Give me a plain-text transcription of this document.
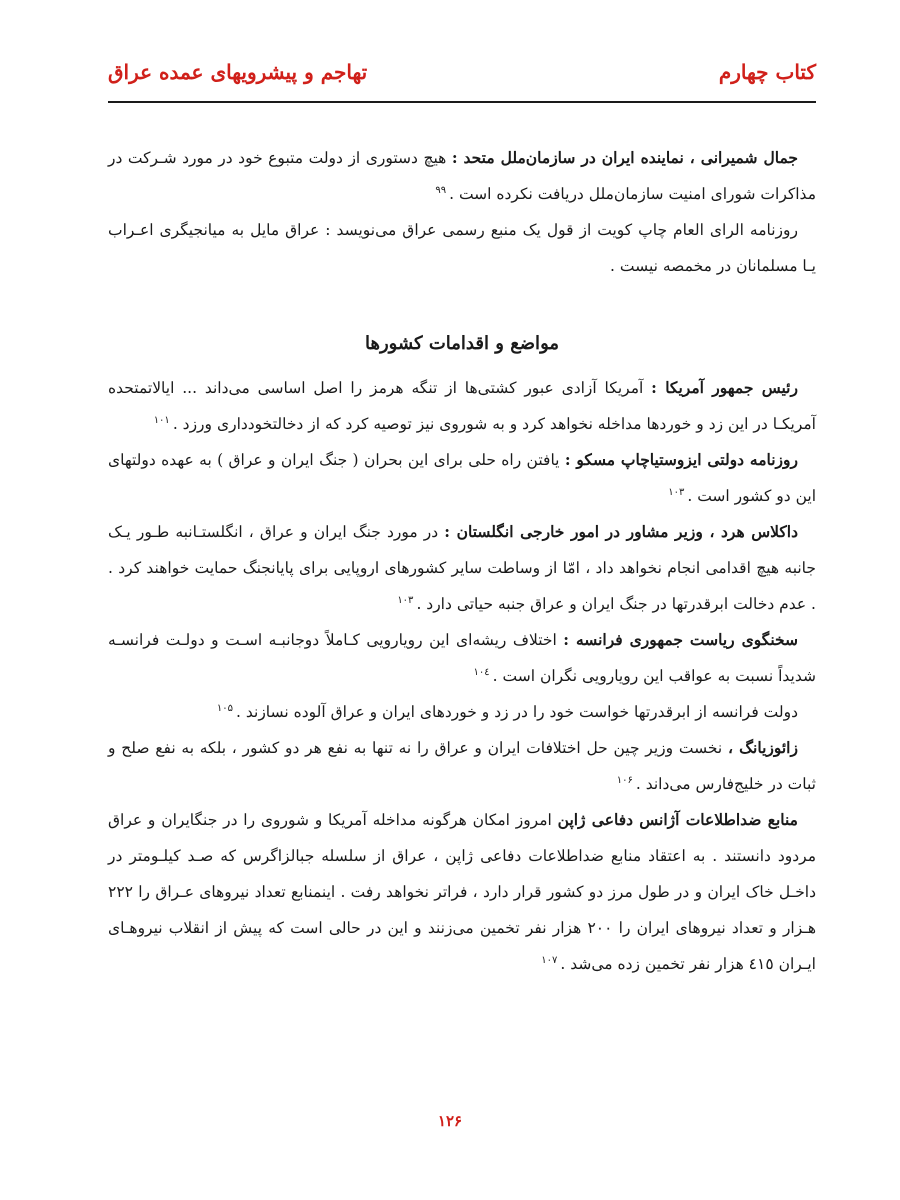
کتاب چهارم
تهاجم و پیشرویهای عمده عراق

جمال شمیرانی ، نماینده ایران در سازمان‌ملل متحد : هیچ دستوری از دولت متبوع خود در مورد شـرکت در مذاکرات شورای امنیت سازمان‌ملل دریافت نکرده است .$^{۹۹}$

روزنامه الرای العام چاپ کویت از قول یک منبع رسمی عراق می‌نویسد : عراق مایل به میانجیگری اعـراب یـا مسلمانان در مخمصه نیست .

مواضع و اقدامات کشورها

رئیس جمهور آمریکا : آمریکا آزادی عبور کشتی‌ها از تنگه هرمز را اصل اساسی می‌داند ... ایالاتمتحده آمریکـا در این زد و خوردها مداخله نخواهد کرد و به شوروی نیز توصیه کرد که از دخالتخودداری ورزد .$^{۱۰۱}$

روزنامه دولتی ایزوستیاچاپ مسکو : یافتن راه حلی برای این بحران ( جنگ ایران و عراق ) به عهده دولتهای این دو کشور است .$^{۱۰۳}$

داکلاس هرد ، وزیر مشاور در امور خارجی انگلستان : در مورد جنگ ایران و عراق ، انگلستـانبه طـور یـک جانبه هیچ اقدامی انجام نخواهد داد ، امّا از وساطت سایر کشورهای اروپایی برای پایانجنگ حمایت خواهند کرد . . عدم دخالت ابرقدرتها در جنگ ایران و عراق جنبه حیاتی دارد .$^{۱۰۳}$

سخنگوی ریاست جمهوری فرانسه : اختلاف ریشه‌ای این رویارویی کـاملاً دوجانبـه اسـت و دولـت فرانسـه شدیداً نسبت به عواقب این رویارویی نگران است .$^{۱۰٤}$

دولت فرانسه از ابرقدرتها خواست خود را در زد و خوردهای ایران و عراق آلوده نسازند .$^{۱۰۵}$

زائوزیانگ ، نخست وزیر چین حل اختلافات ایران و عراق را نه تنها به نفع هر دو کشور ، بلکه به نفع صلح و ثبات در خلیج‌فارس می‌داند .$^{۱۰۶}$

منابع ضداطلاعات آژانس دفاعی ژاپن امروز امکان هرگونه مداخله آمریکا و شوروی را در جنگایران و عراق مردود دانستند . به اعتقاد منابع ضداطلاعات دفاعی ژاپن ، عراق از سلسله جبالزاگرس که صـد کیلـومتر در داخـل خاک ایران و در طول مرز دو کشور قرار دارد ، فراتر نخواهد رفت . اینمنابع تعداد نیروهای عـراق را ۲۲۲ هـزار و تعداد نیروهای ایران را ۲۰۰ هزار نفر تخمین می‌زنند و این در حالی است که پیش از انقلاب نیروهـای ایـران ٤١٥ هزار نفر تخمین زده می‌شد .$^{۱۰۷}$

۱۲۶
